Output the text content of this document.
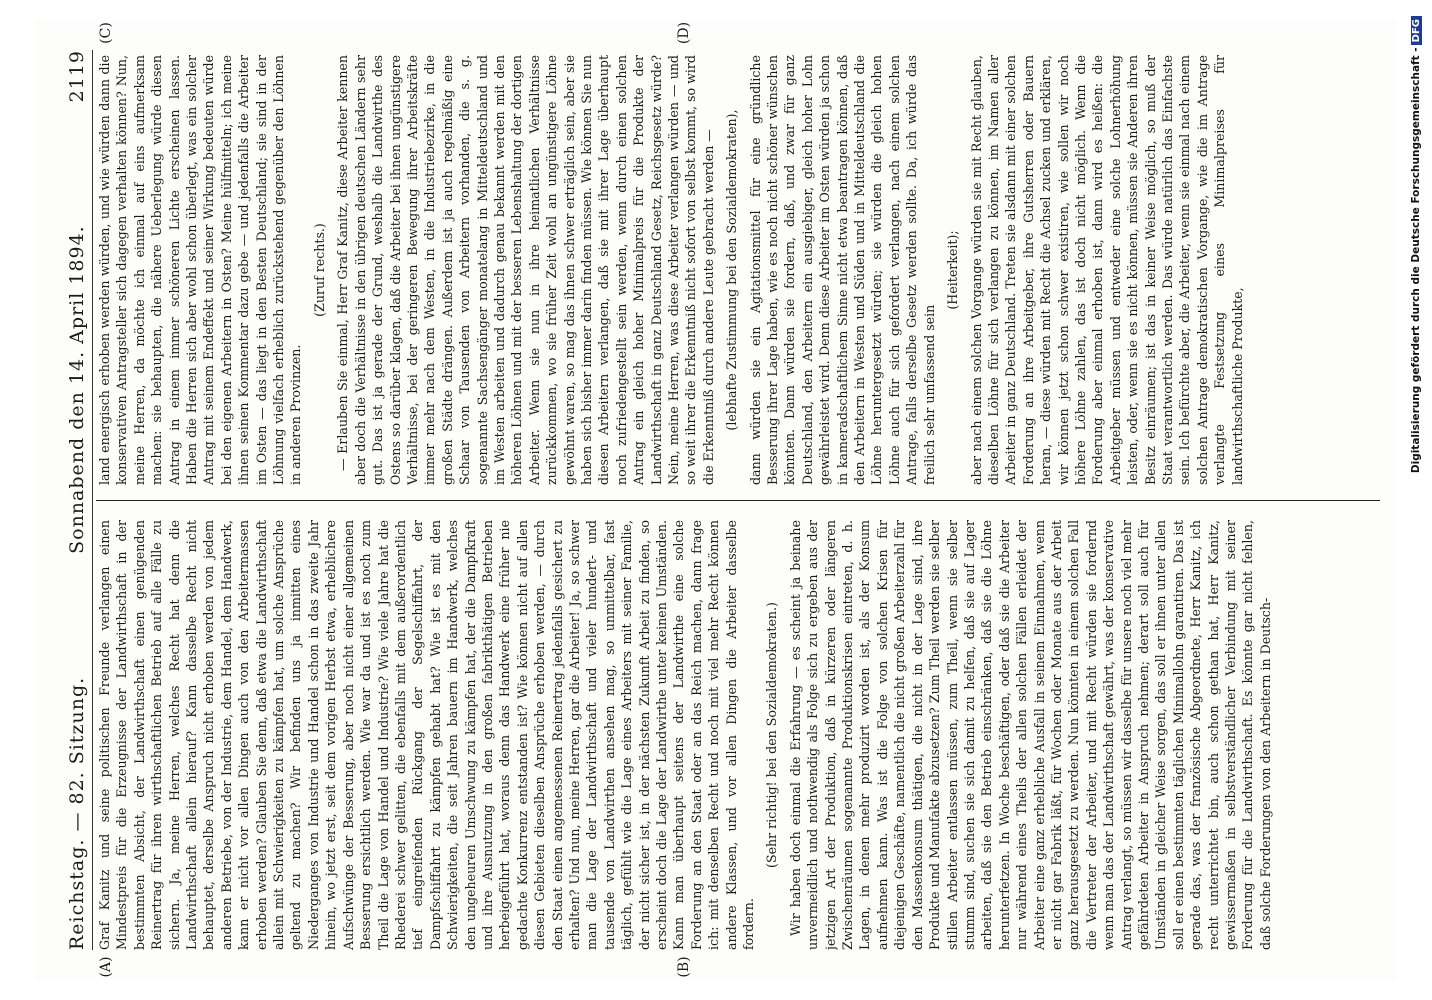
Reichstag. — 82. Sitzung.
Sonnabend den 14. April 1894.
2119
(A)	(B)
(C)	(D)

Graf Kanitz und seine politischen Freunde verlangen einen Mindestpreis für die Erzeugnisse der Landwirthschaft in der bestimmten Absicht, der Landwirthschaft einen genügenden Reinertrag für ihren wirthschaftlichen Betrieb auf alle Fälle zu sichern. Ja, meine Herren, welches Recht hat denn die Landwirthschaft allein hierauf? Kann dasselbe Recht nicht behauptet, derselbe Anspruch nicht erhoben werden von jedem anderen Betriebe, von der Industrie, dem Handel, dem Handwerk, kann er nicht vor allen Dingen auch von den Arbeitermassen erhoben werden? Glauben Sie denn, daß etwa die Landwirthschaft allein mit Schwierigkeiten zu kämpfen hat, um solche Ansprüche geltend zu machen? Wir befinden uns ja inmitten eines Niederganges von Industrie und Handel schon in das zweite Jahr hinein, wo jetzt erst, seit dem vorigen Herbst etwa, erheblichere Aufschwünge der Besserung, aber noch nicht einer allgemeinen Besserung ersichtlich werden. Wie war da und ist es noch zum Theil die Lage von Handel und Industrie? Wie viele Jahre hat die Rhederei schwer gelitten, die ebenfalls mit dem außerordentlich tief eingreifenden Rückgang der Segelschiffahrt, der Dampfschiffahrt zu kämpfen gehabt hat? Wie ist es mit den Schwierigkeiten, die seit Jahren bauern im Handwerk, welches den ungeheuren Umschwung zu kämpfen hat, der die Dampfkraft und ihre Ausnutzung in den großen fabrikthätigen Betrieben herbeigeführt hat, woraus denn das Handwerk eine früher nie gedachte Konkurrenz entstanden ist? Wie können nicht auf allen diesen Gebieten dieselben Ansprüche erhoben werden, — durch den Staat einen angemessenen Reinertrag jedenfalls gesichert zu erhalten? Und nun, meine Herren, gar die Arbeiter! Ja, so schwer man die Lage der Landwirthschaft und vieler hundert- und tausende von Landwirthen ansehen mag, so unmittelbar, fast täglich, gefühlt wie die Lage eines Arbeiters mit seiner Familie, der nicht sicher ist, in der nächsten Zukunft Arbeit zu finden, so erscheint doch die Lage der Landwirthe unter keinen Umständen. Kann man überhaupt seitens der Landwirthe eine solche Forderung an den Staat oder an das Reich machen, dann frage ich: mit denselben Recht und noch mit viel mehr Recht können andere Klassen, und vor allen Dingen die Arbeiter dasselbe fordern.

(Sehr richtig! bei den Sozialdemokraten.) Wir haben doch einmal die Erfahrung — es scheint ja beinahe unvermeidlich und nothwendig als Folge sich zu ergeben aus der jetzigen Art der Produktion, daß in kürzeren oder längeren Zwischenräumen sogenannte Produktionskrisen eintreten, d. h. Lagen, in denen mehr produzirt worden ist, als der Konsum aufnehmen kann. Was ist die Folge von solchen Krisen für diejenigen Geschäfte, namentlich die nicht großen Arbeiterzahl für den Massenkonsum thätigen, die nicht in der Lage sind, ihre Produkte und Manufakte abzusetzen? Zum Theil werden sie selber stillen Arbeiter entlassen müssen, zum Theil, wenn sie selber stumm sind, suchen sie sich damit zu helfen, daß sie auf Lager arbeiten, daß sie den Betrieb einschränken, daß sie die Löhne herunterfetzen. In Woche beschäftigen, oder daß sie die Arbeiter nur während eines Theils der allen solchen Fällen erleidet der Arbeiter eine ganz erhebliche Ausfall in seinem Einnahmen, wenn er nicht gar Fabrik läßt, für Wochen oder Monate aus der Arbeit ganz herausgesetzt zu werden. Nun könnten in einem solchen Fall die Vertreter der Arbeiter, und mit Recht würden sie fordernd wenn man das der Landwirthschaft gewährt, was der konservative Antrag verlangt, so müssen wir dasselbe für unsere noch viel mehr gefährdeten Arbeiter in Anspruch nehmen; derart soll auch für Umständen in gleicher Weise sorgen, das soll er ihnen unter allen soll er einen bestimmten täglichen Minimallohn garantiren. Das ist gerade das, was der französische Abgeordnete, Herr Kanitz, ich recht unterrichtet bin, auch schon gethan hat, Herr Kanitz, gewissermaßen in selbstverständlicher Verbindung mit seiner Forderung für die Landwirthschaft. Es könnte gar nicht fehlen, daß solche Forderungen von den Arbeitern in Deutsch-

land energisch erhoben werden würden, und wie würden dann die konservativen Antragsteller sich dagegen verhalten können? Nun, meine Herren, da möchte ich einmal auf eins aufmerksam machen: sie behaupten, die nähere Ueberlegung würde diesen Antrag in einem immer schöneren Lichte erscheinen lassen. Haben die Herren sich aber wohl schon überlegt, was ein solcher Antrag mit seinem Endeffekt und seiner Wirkung bedeuten würde bei den eigenen Arbeitern in Osten? Meine hülfmitteln; ich meine ihnen seinen Kommentar dazu gebe — und jedenfalls die Arbeiter im Osten — das liegt in den Besten Deutschland; sie sind in der Löhnung vielfach erheblich zurückstehend gegenüber den Löhnen in anderen Provinzen.

(Zuruf rechts.) — Erlauben Sie einmal, Herr Graf Kanitz, diese Arbeiter kennen aber doch die Verhältnisse in den übrigen deutschen Ländern sehr gut. Das ist ja gerade der Grund, weshalb die Landwirthe des Ostens so darüber klagen, daß die Arbeiter bei ihnen ungünstigere Verhältnisse, bei der geringeren Bewegung ihrer Arbeitskräfte immer mehr nach dem Westen, in die Industriebezirke, in die großen Städte drängen. Außerdem ist ja auch regelmäßig eine Schaar von Tausenden von Arbeitern vorhanden, die s. g. sogenannte Sachsengänger monatelang in Mitteldeutschland und im Westen arbeiten und dadurch genau bekannt werden mit den höheren Löhnen und mit der besseren Lebenshaltung der dortigen Arbeiter. Wenn sie nun in ihre heimatlichen Verhältnisse zurückkommen, wo sie früher Zeit wohl an ungünstigere Löhne gewöhnt waren, so mag das ihnen schwer erträglich sein, aber sie haben sich bisher immer darin finden müssen. Wie können Sie nun diesen Arbeitern verlangen, daß sie mit ihrer Lage überhaupt noch zufriedengestellt sein werden, wenn durch einen solchen Antrag ein gleich hoher Minimalpreis für die Produkte der Landwirthschaft in ganz Deutschland Gesetz, Reichsgesetz würde? Nein, meine Herren, was diese Arbeiter verlangen würden — und so weit ihrer die Erkenntniß nicht sofort von selbst kommt, so wird die Erkenntniß durch andere Leute gebracht werden — (lebhafte Zustimmung bei den Sozialdemokraten), dann würden sie ein Agitationsmittel für eine gründliche Besserung ihrer Lage haben, wie es noch nicht schöner wünschen könnten. Dann würden sie fordern, daß, und zwar für ganz Deutschland, den Arbeitern ein ausgiebiger, gleich hoher Lohn gewährleistet wird. Denn diese Arbeiter im Osten würden ja schon in kameradschaftlichem Sinne nicht etwa beantragen können, daß den Arbeitern in Westen und Süden und in Mitteldeutschland die Löhne heruntergesetzt würden; sie würden die gleich hohen Löhne auch für sich gefordert verlangen, nach einem solchen Antrage, falls derselbe Gesetz werden sollte. Da, ich würde das freilich sehr umfassend sein

(Heiterkeit); aber nach einem solchen Vorgange würden sie mit Recht glauben, dieselben Löhne für sich verlangen zu können, im Namen aller Arbeiter in ganz Deutschland. Treten sie alsdann mit einer solchen Forderung an ihre Arbeitgeber, ihre Gutsherren oder Bauern heran, — diese würden mit Recht die Achsel zucken und erklären, wir können jetzt schon schwer existiren, wie sollen wir noch höhere Löhne zahlen, das ist doch nicht möglich. Wenn die Forderung aber einmal erhoben ist, dann wird es heißen: die Arbeitgeber müssen und entweder eine solche Lohnerhöhung leisten, oder, wenn sie es nicht können, müssen sie Anderen ihren Besitz einräumen; ist das in keiner Weise möglich, so muß der Staat verantwortlich werden. Das würde natürlich das Einfachste sein. Ich befürchte aber, die Arbeiter, wenn sie einmal nach einem solchen Antrage demokratischen Vorgange, wie die im Antrage verlangte Festsetzung eines Minimalpreises für landwirthschaftliche Produkte,	Digitalisierung gefördert durch die Deutsche Forschungsgemeinschaft -DFG
